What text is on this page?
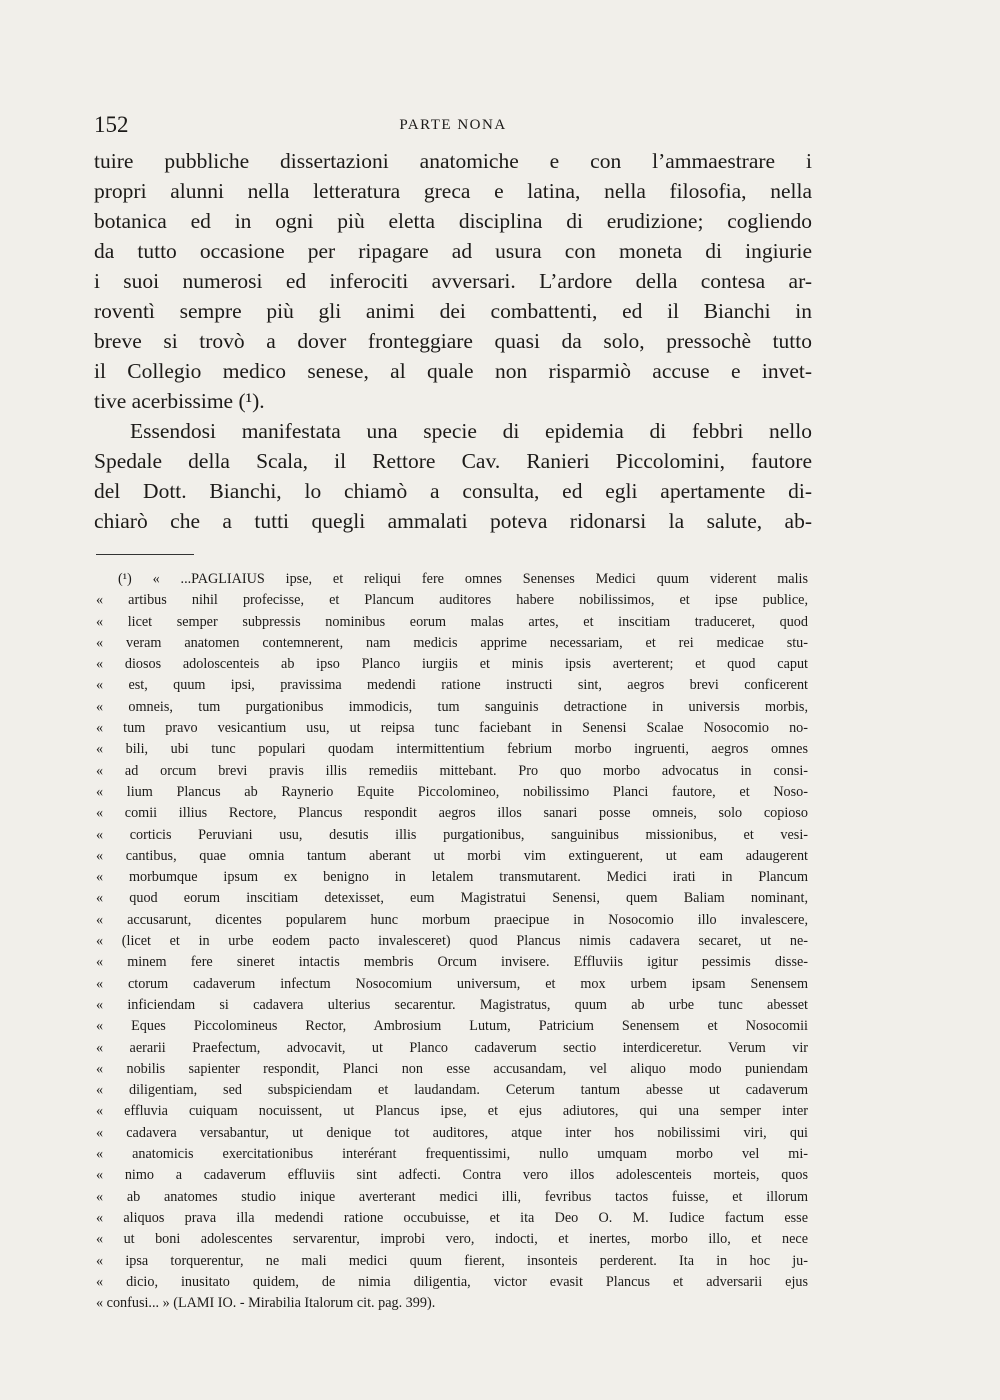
152	PARTE NONA
tuire pubbliche dissertazioni anatomiche e con l’ammaestrare i
propri alunni nella letteratura greca e latina, nella filosofia, nella
botanica ed in ogni più eletta disciplina di erudizione; cogliendo
da tutto occasione per ripagare ad usura con moneta di ingiurie
i suoi numerosi ed inferociti avversari. L’ardore della contesa ar-
roventì sempre più gli animi dei combattenti, ed il Bianchi in
breve si trovò a dover fronteggiare quasi da solo, pressochè tutto
il Collegio medico senese, al quale non risparmiò accuse e invet-
tive acerbissime (¹).
Essendosi manifestata una specie di epidemia di febbri nello
Spedale della Scala, il Rettore Cav. Ranieri Piccolomini, fautore
del Dott. Bianchi, lo chiamò a consulta, ed egli apertamente di-
chiarò che a tutti quegli ammalati poteva ridonarsi la salute, ab-
(¹) « ...PAGLIAIUS ipse, et reliqui fere omnes Senenses Medici quum viderent malis
« artibus nihil profecisse, et Plancum auditores habere nobilissimos, et ipse publice,
« licet semper subpressis nominibus eorum malas artes, et inscitiam traduceret, quod
« veram anatomen contemnerent, nam medicis apprime necessariam, et rei medicae stu-
« diosos adoloscenteis ab ipso Planco iurgiis et minis ipsis averterent; et quod caput
« est, quum ipsi, pravissima medendi ratione instructi sint, aegros brevi conficerent
« omneis, tum purgationibus immodicis, tum sanguinis detractione in universis morbis,
« tum pravo vesicantium usu, ut reipsa tunc faciebant in Senensi Scalae Nosocomio no-
« bili, ubi tunc populari quodam intermittentium febrium morbo ingruenti, aegros omnes
« ad orcum brevi pravis illis remediis mittebant. Pro quo morbo advocatus in consi-
« lium Plancus ab Raynerio Equite Piccolomineo, nobilissimo Planci fautore, et Noso-
« comii illius Rectore, Plancus respondit aegros illos sanari posse omneis, solo copioso
« corticis Peruviani usu, desutis illis purgationibus, sanguinibus missionibus, et vesi-
« cantibus, quae omnia tantum aberant ut morbi vim extinguerent, ut eam adaugerent
« morbumque ipsum ex benigno in letalem transmutarent. Medici irati in Plancum
« quod eorum inscitiam detexisset, eum Magistratui Senensi, quem Baliam nominant,
« accusarunt, dicentes popularem hunc morbum praecipue in Nosocomio illo invalescere,
« (licet et in urbe eodem pacto invalesceret) quod Plancus nimis cadavera secaret, ut ne-
« minem fere sineret intactis membris Orcum invisere. Effluviis igitur pessimis disse-
« ctorum cadaverum infectum Nosocomium universum, et mox urbem ipsam Senensem
« inficiendam si cadavera ulterius secarentur. Magistratus, quum ab urbe tunc abesset
« Eques Piccolomineus Rector, Ambrosium Lutum, Patricium Senensem et Nosocomii
« aerarii Praefectum, advocavit, ut Planco cadaverum sectio interdiceretur. Verum vir
« nobilis sapienter respondit, Planci non esse accusandam, vel aliquo modo puniendam
« diligentiam, sed subspiciendam et laudandam. Ceterum tantum abesse ut cadaverum
« effluvia cuiquam nocuissent, ut Plancus ipse, et ejus adiutores, qui una semper inter
« cadavera versabantur, ut denique tot auditores, atque inter hos nobilissimi viri, qui
« anatomicis exercitationibus interérant frequentissimi, nullo umquam morbo vel mi-
« nimo a cadaverum effluviis sint adfecti. Contra vero illos adolescenteis morteis, quos
« ab anatomes studio inique averterant medici illi, fevribus tactos fuisse, et illorum
« aliquos prava illa medendi ratione occubuisse, et ita Deo O. M. Iudice factum esse
« ut boni adolescentes servarentur, improbi vero, indocti, et inertes, morbo illo, et nece
« ipsa torquerentur, ne mali medici quum fierent, insonteis perderent. Ita in hoc ju-
« dicio, inusitato quidem, de nimia diligentia, victor evasit Plancus et adversarii ejus
« confusi... » (LAMI IO. - Mirabilia Italorum cit. pag. 399).
